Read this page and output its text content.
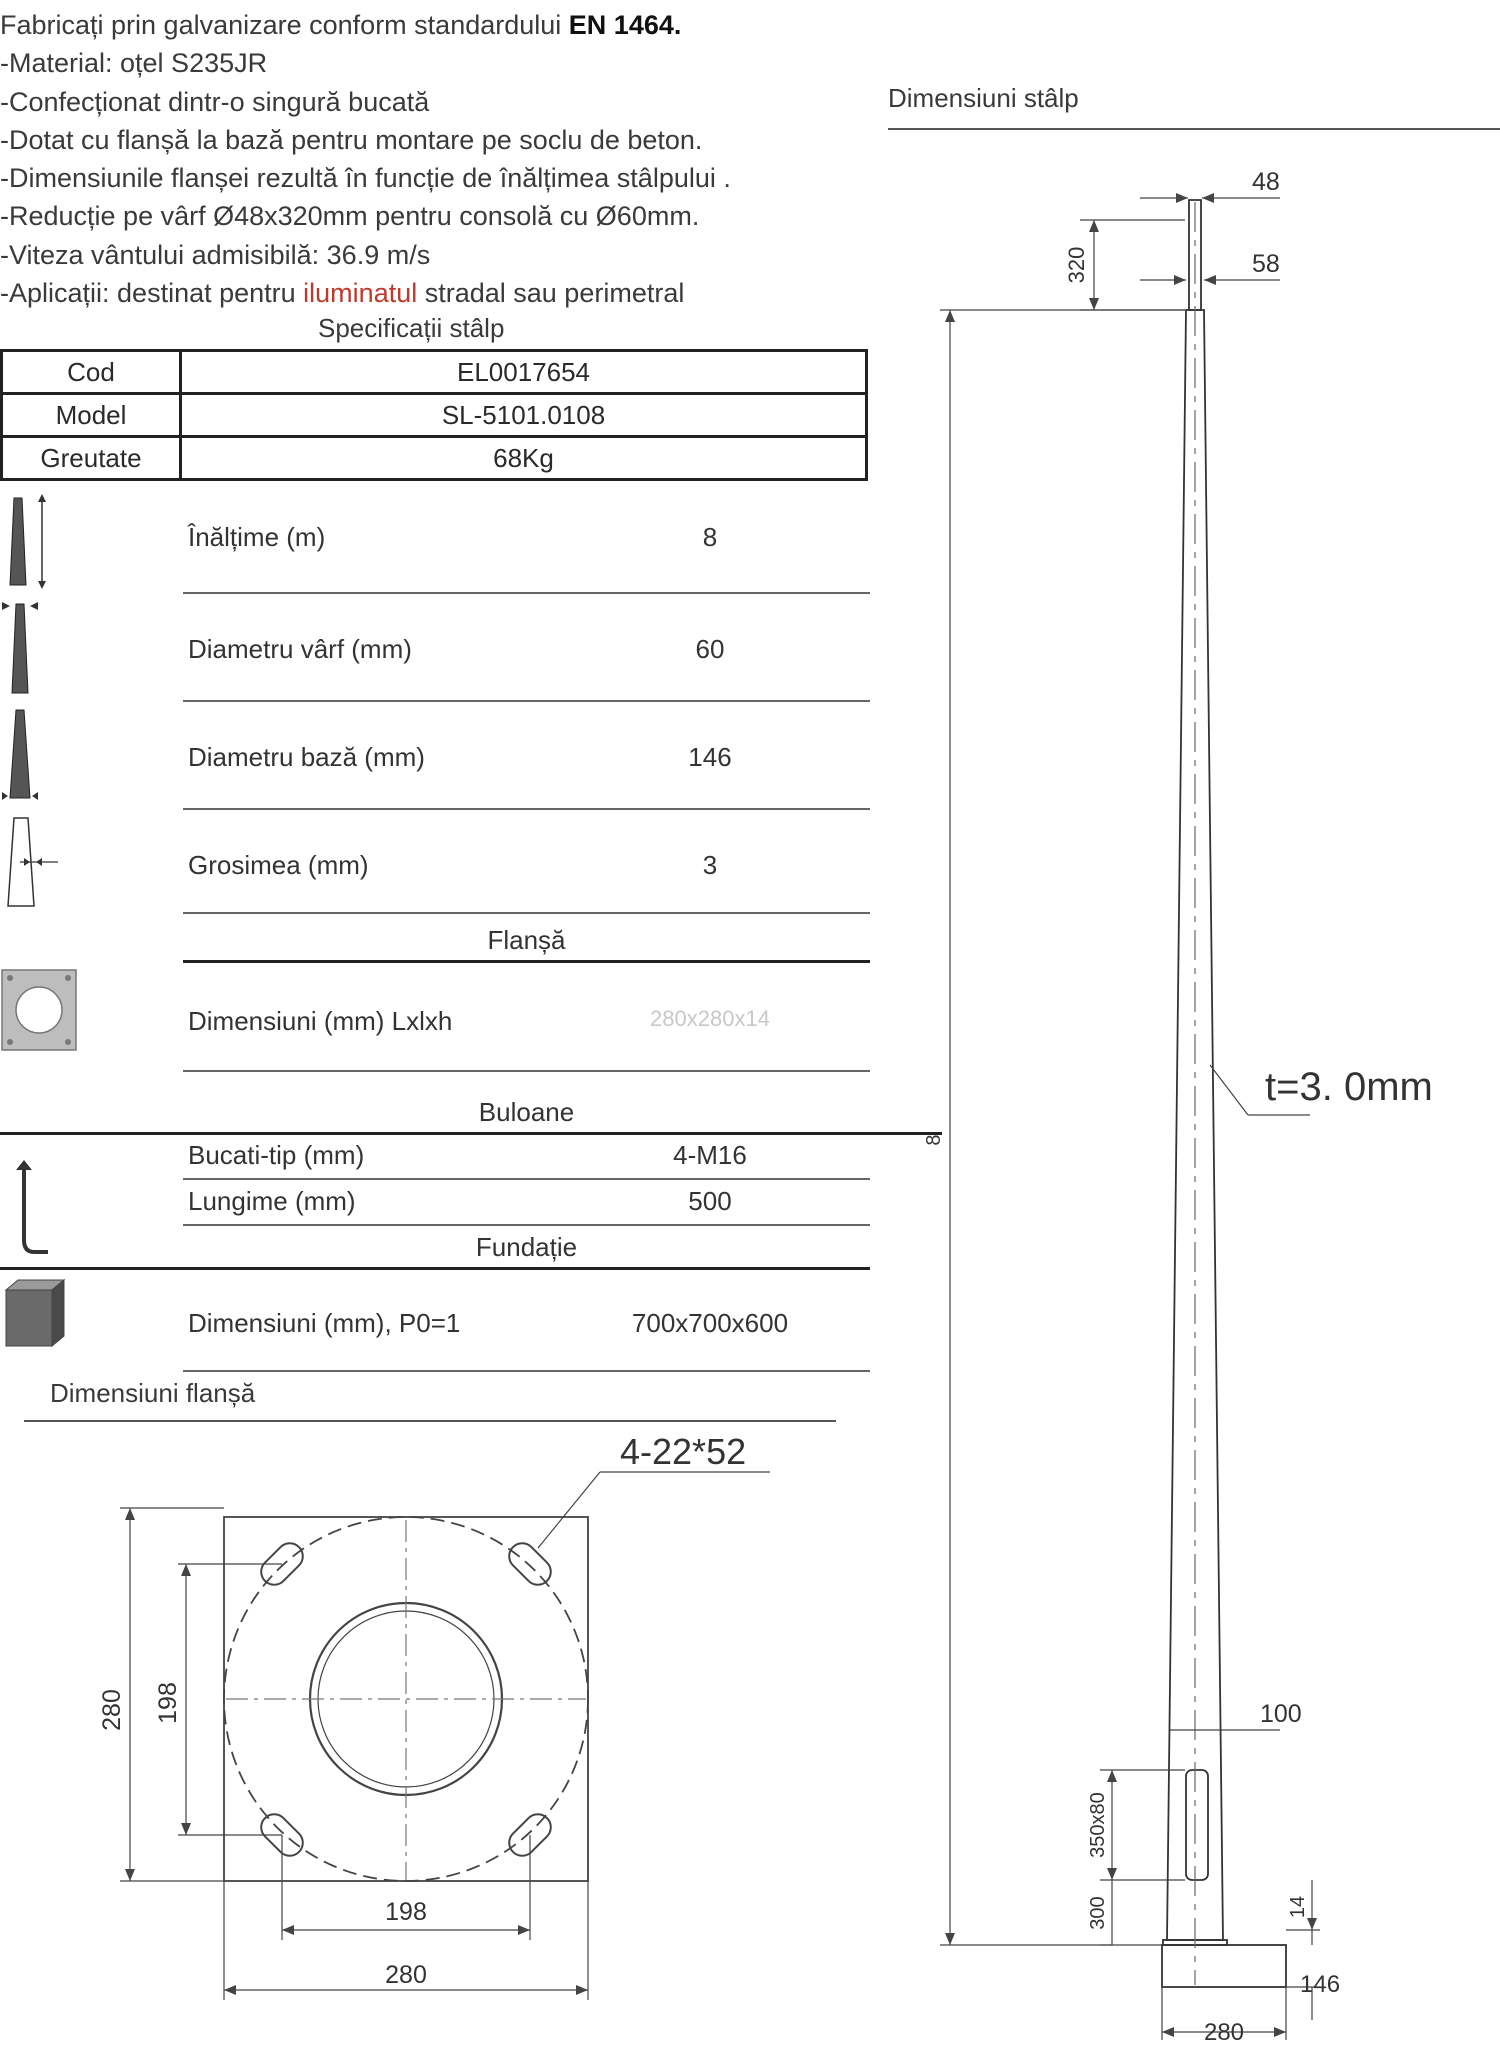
Fabricați prin galvanizare conform standardului EN 1464.
-Material: oțel S235JR
-Confecționat dintr-o singură bucată
-Dotat cu flanșă la bază pentru montare pe soclu de beton.
-Dimensiunile flanșei rezultă în funcție de înălțimea stâlpului .
-Reducție pe vârf Ø48x320mm pentru consolă cu Ø60mm.
-Viteza vântului admisibilă: 36.9 m/s
-Aplicații: destinat pentru iluminatul stradal sau perimetral
Specificații stâlp
Cod	EL0017654
Model	SL-5101.0108
Greutate	68Kg
Înălțime (m)	8
Diametru vârf (mm)	60
Diametru bază (mm)	146
Grosimea (mm)	3
Flanșă
Dimensiuni (mm) Lxlxh	280x280x14
Buloane
Bucati-tip (mm)	4-M16
Lungime (mm)	500
Fundație
Dimensiuni (mm), P0=1	700x700x600
Dimensiuni flanșă
280 198
198
280
4-22*52
Dimensiuni stâlp
48
58
320
8
t=3. 0mm
100
350x80
300	14
146
280
